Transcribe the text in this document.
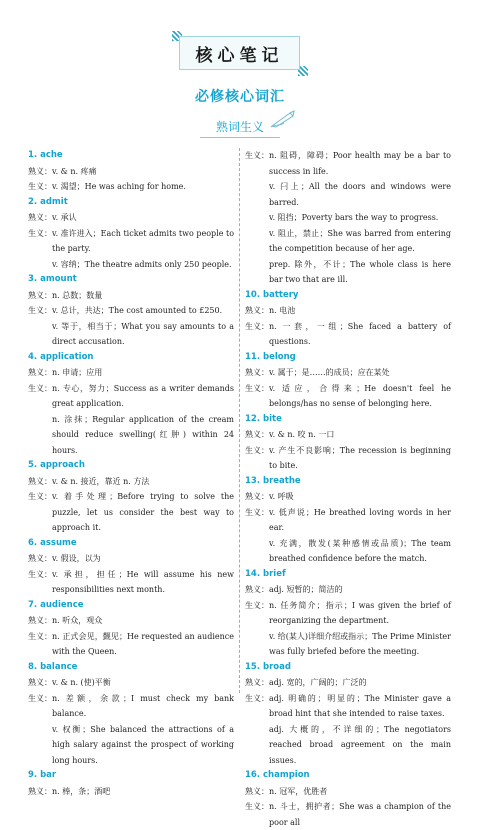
核心笔记
必修核心词汇
熟词生义
1. ache
熟义：v. & n. 疼痛
生义：v. 渴望；He was aching for home.
2. admit
熟义：v. 承认
生义：v. 准许进入；Each ticket admits two people to the party.
v. 容纳；The theatre admits only 250 people.
3. amount
熟义：n. 总数；数量
生义：v. 总计，共达；The cost amounted to £250.
v. 等于，相当于；What you say amounts to a direct accusation.
4. application
熟义：n. 申请；应用
生义：n. 专心，努力；Success as a writer demands great application.
n. 涂抹；Regular application of the cream should reduce swelling(红肿) within 24 hours.
5. approach
熟义：v. & n. 接近，靠近 n. 方法
生义：v. 着手处理；Before trying to solve the puzzle, let us consider the best way to approach it.
6. assume
熟义：v. 假设，以为
生义：v. 承担，担任；He will assume his new responsibilities next month.
7. audience
熟义：n. 听众，观众
生义：n. 正式会见，觐见；He requested an audience with the Queen.
8. balance
熟义：v. & n. (使)平衡
生义：n. 差额，余款；I must check my bank balance.
v. 权衡；She balanced the attractions of a high salary against the prospect of working long hours.
9. bar
熟义：n. 棒，条；酒吧
生义：n. 阻碍，障碍；Poor health may be a bar to success in life.
v. 闩上；All the doors and windows were barred.
v. 阻挡；Poverty bars the way to progress.
v. 阻止，禁止；She was barred from entering the competition because of her age.
prep. 除外，不计；The whole class is here bar two that are ill.
10. battery
熟义：n. 电池
生义：n. 一套，一组；She faced a battery of questions.
11. belong
熟义：v. 属于；是……的成员；应在某处
生义：v. 适应，合得来；He doesn't feel he belongs/has no sense of belonging here.
12. bite
熟义：v. & n. 咬 n. 一口
生义：v. 产生不良影响；The recession is beginning to bite.
13. breathe
熟义：v. 呼吸
生义：v. 低声说；He breathed loving words in her ear.
v. 充满，散发(某种感情或品质)；The team breathed confidence before the match.
14. brief
熟义：adj. 短暂的；简洁的
生义：n. 任务简介；指示；I was given the brief of reorganizing the department.
v. 给(某人)详细介绍或指示；The Prime Minister was fully briefed before the meeting.
15. broad
熟义：adj. 宽的，广阔的；广泛的
生义：adj. 明确的；明显的；The Minister gave a broad hint that she intended to raise taxes.
adj. 大概的，不详细的；The negotiators reached broad agreement on the main issues.
16. champion
熟义：n. 冠军，优胜者
生义：n. 斗士，拥护者；She was a champion of the poor all
